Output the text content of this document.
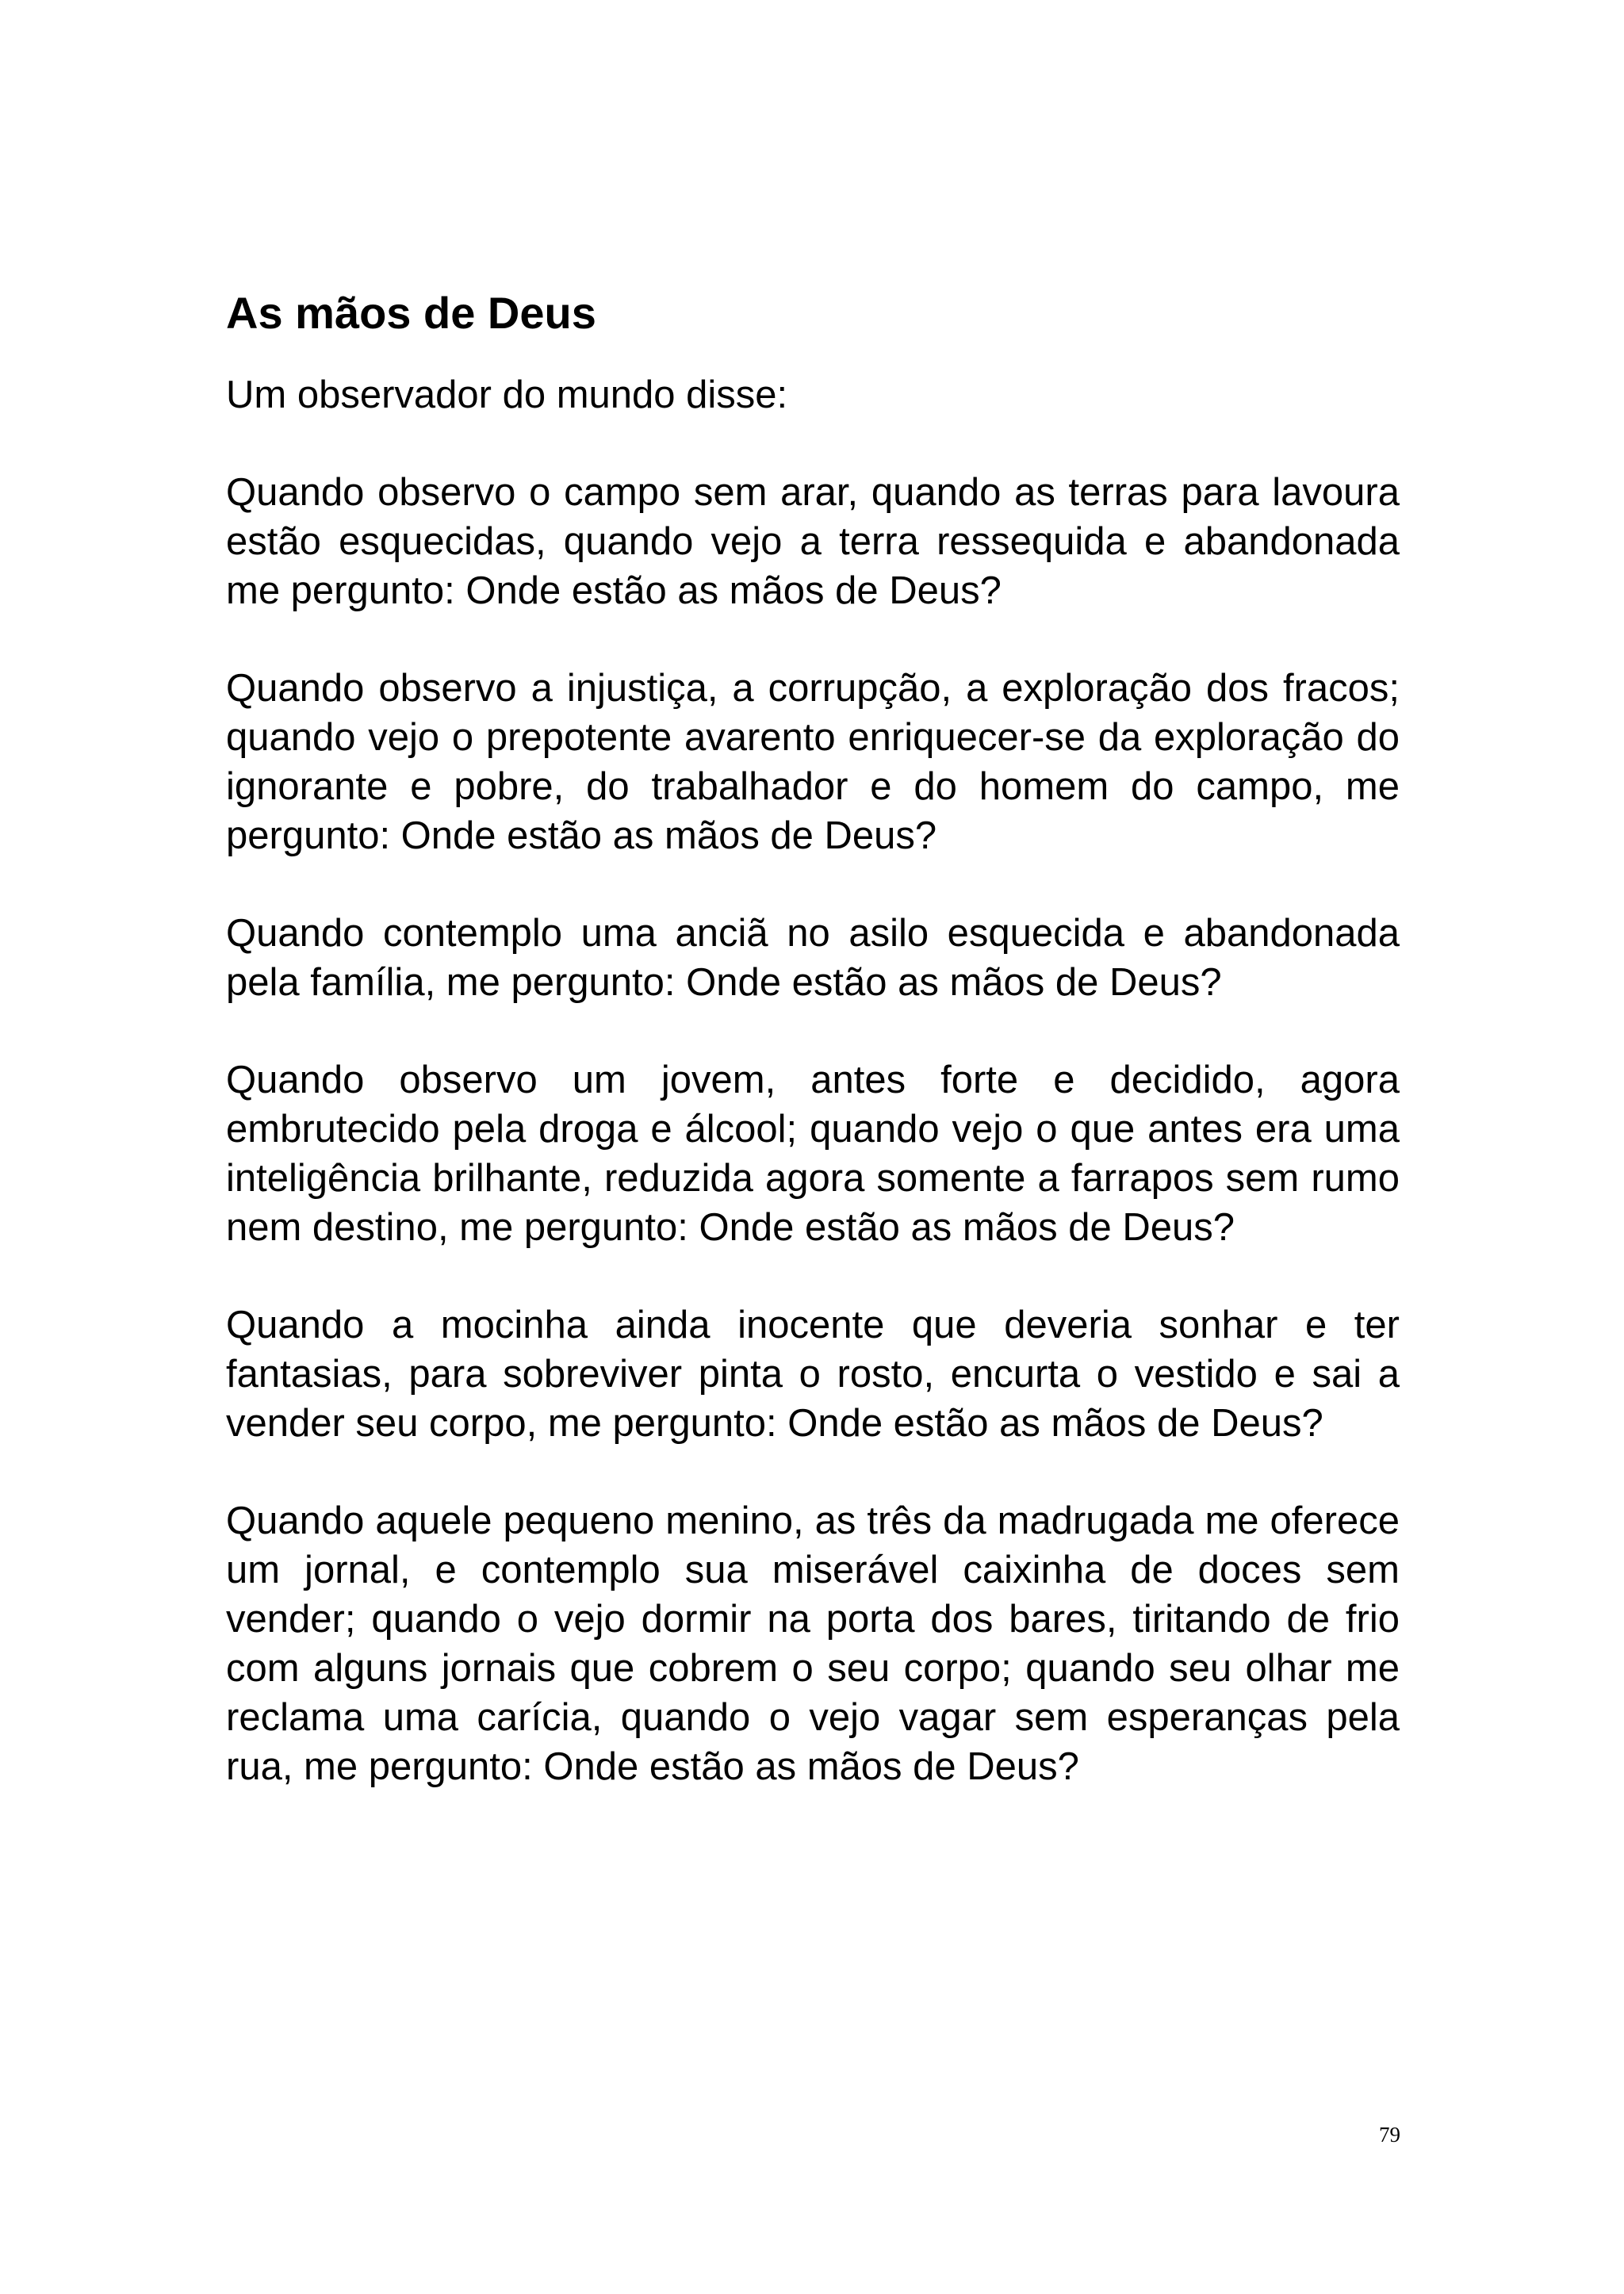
As mãos de Deus

Um observador do mundo disse:

Quando observo o campo sem arar, quando as terras para lavoura estão esquecidas, quando vejo a terra ressequida e abandonada me pergunto: Onde estão as mãos de Deus?

Quando observo a injustiça, a corrupção, a exploração dos fracos; quando vejo o prepotente avarento enriquecer-se da exploração do ignorante e pobre, do trabalhador e do homem do campo, me pergunto: Onde estão as mãos de Deus?

Quando contemplo uma anciã no asilo esquecida e abandonada pela família, me pergunto: Onde estão as mãos de Deus?

Quando observo um jovem, antes forte e decidido, agora embrutecido pela droga e álcool; quando vejo o que antes era uma inteligência brilhante, reduzida agora somente a farrapos sem rumo nem destino, me pergunto: Onde estão as mãos de Deus?

Quando a mocinha ainda inocente que deveria sonhar e ter fantasias, para sobreviver pinta o rosto, encurta o vestido e sai a vender seu corpo, me pergunto: Onde estão as mãos de Deus?

Quando aquele pequeno menino, as três da madrugada me oferece um jornal, e contemplo sua miserável caixinha de doces sem vender; quando o vejo dormir na porta dos bares, tiritando de frio com alguns jornais que cobrem o seu corpo; quando seu olhar me reclama uma carícia, quando o vejo vagar sem esperanças pela rua, me pergunto: Onde estão as mãos de Deus?

79
